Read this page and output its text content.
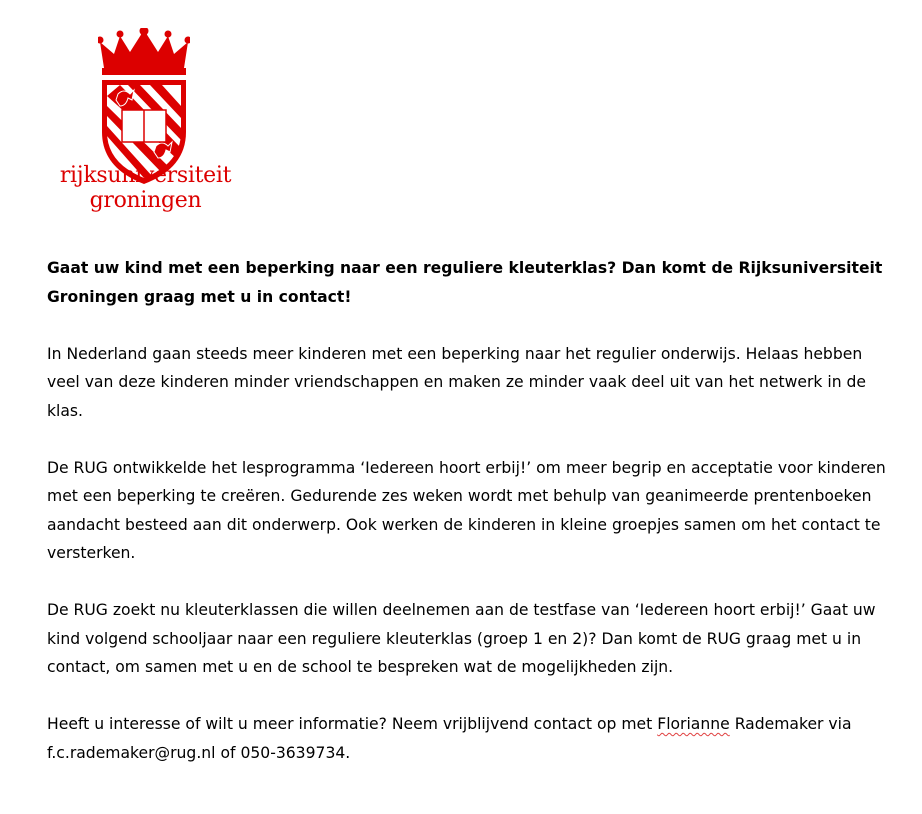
rijksuniversiteit
groningen

Gaat uw kind met een beperking naar een reguliere kleuterklas? Dan komt de Rijksuniversiteit Groningen graag met u in contact!

In Nederland gaan steeds meer kinderen met een beperking naar het regulier onderwijs. Helaas hebben veel van deze kinderen minder vriendschappen en maken ze minder vaak deel uit van het netwerk in de klas.

De RUG ontwikkelde het lesprogramma ‘Iedereen hoort erbij!’ om meer begrip en acceptatie voor kinderen met een beperking te creëren. Gedurende zes weken wordt met behulp van geanimeerde prentenboeken aandacht besteed aan dit onderwerp. Ook werken de kinderen in kleine groepjes samen om het contact te versterken.

De RUG zoekt nu kleuterklassen die willen deelnemen aan de testfase van ‘Iedereen hoort erbij!’ Gaat uw kind volgend schooljaar naar een reguliere kleuterklas (groep 1 en 2)? Dan komt de RUG graag met u in contact, om samen met u en de school te bespreken wat de mogelijkheden zijn.

Heeft u interesse of wilt u meer informatie? Neem vrijblijvend contact op met Florianne Rademaker via f.c.rademaker@rug.nl of 050-3639734.
